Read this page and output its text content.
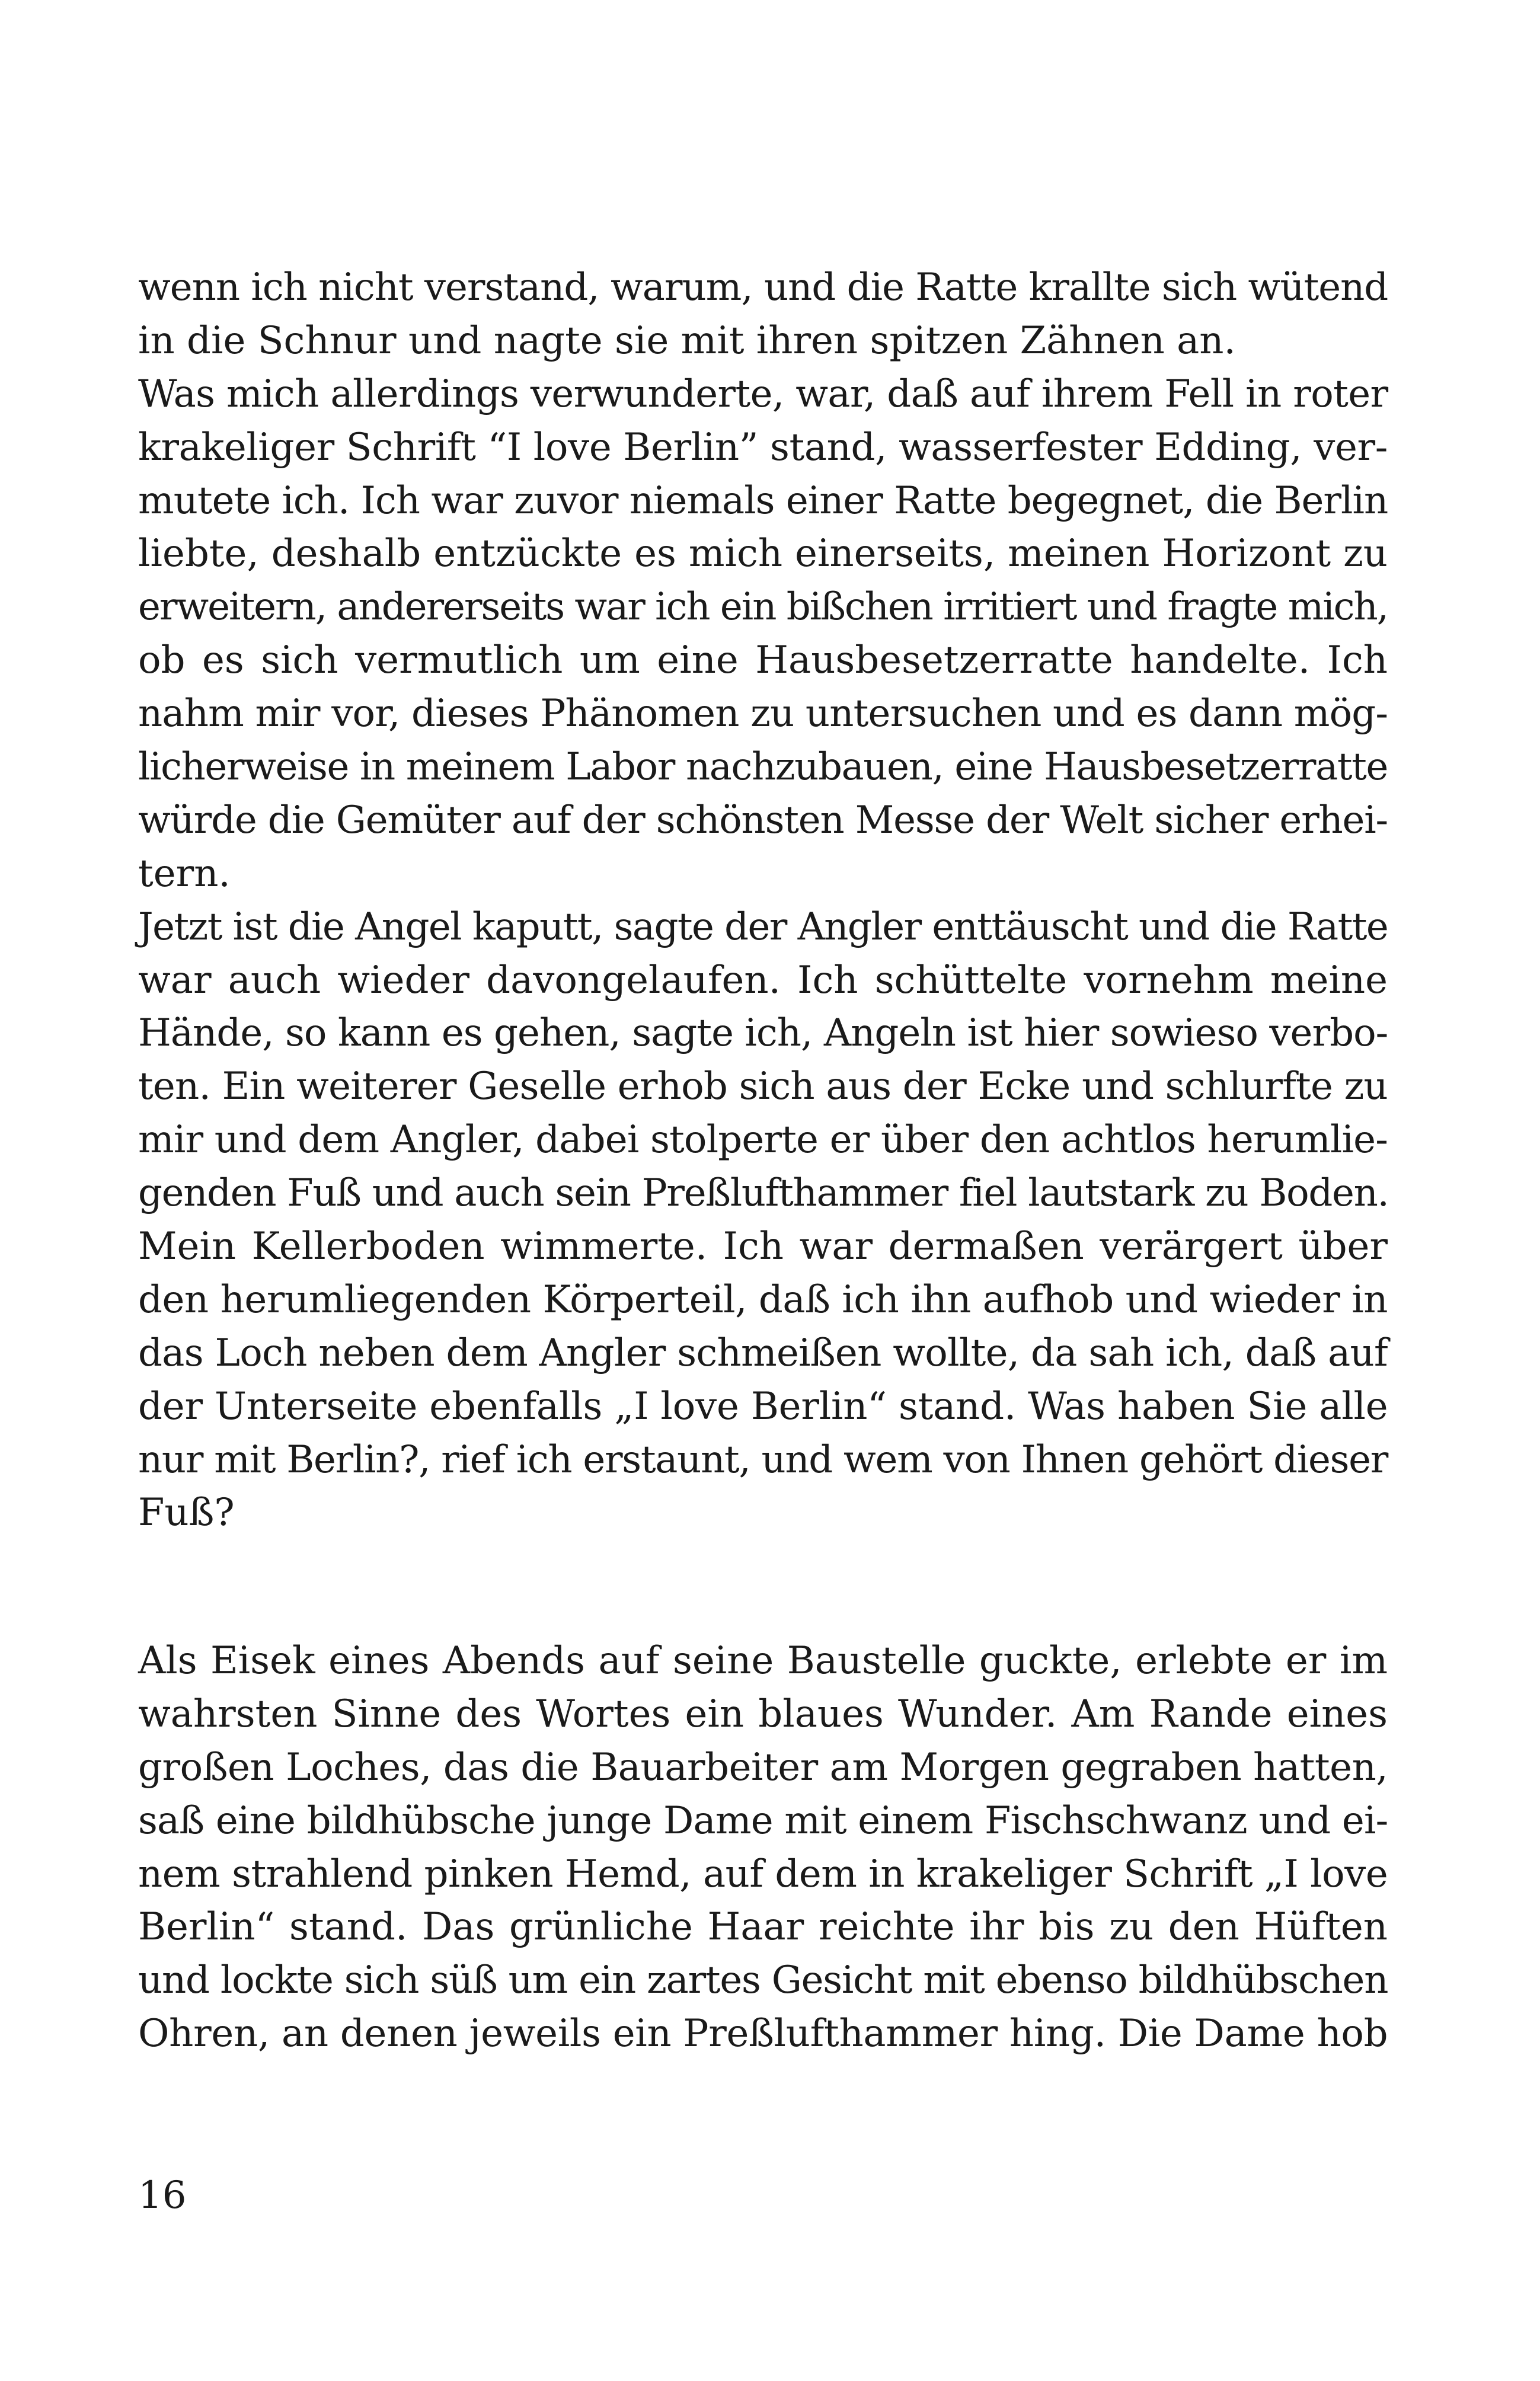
wenn ich nicht verstand, warum, und die Ratte krallte sich wütend
in die Schnur und nagte sie mit ihren spitzen Zähnen an.
Was mich allerdings verwunderte, war, daß auf ihrem Fell in roter
krakeliger Schrift “I love Berlin” stand, wasserfester Edding, ver-
mutete ich. Ich war zuvor niemals einer Ratte begegnet, die Berlin
liebte, deshalb entzückte es mich einerseits, meinen Horizont zu
erweitern, andererseits war ich ein bißchen irritiert und fragte mich,
ob es sich vermutlich um eine Hausbesetzerratte handelte. Ich
nahm mir vor, dieses Phänomen zu untersuchen und es dann mög-
licherweise in meinem Labor nachzubauen, eine Hausbesetzerratte
würde die Gemüter auf der schönsten Messe der Welt sicher erhei-
tern.
Jetzt ist die Angel kaputt, sagte der Angler enttäuscht und die Ratte
war auch wieder davongelaufen. Ich schüttelte vornehm meine
Hände, so kann es gehen, sagte ich, Angeln ist hier sowieso verbo-
ten. Ein weiterer Geselle erhob sich aus der Ecke und schlurfte zu
mir und dem Angler, dabei stolperte er über den achtlos herumlie-
genden Fuß und auch sein Preßlufthammer fiel lautstark zu Boden.
Mein Kellerboden wimmerte. Ich war dermaßen verärgert über
den herumliegenden Körperteil, daß ich ihn aufhob und wieder in
das Loch neben dem Angler schmeißen wollte, da sah ich, daß auf
der Unterseite ebenfalls „I love Berlin“ stand. Was haben Sie alle
nur mit Berlin?, rief ich erstaunt, und wem von Ihnen gehört dieser
Fuß?
Als Eisek eines Abends auf seine Baustelle guckte, erlebte er im
wahrsten Sinne des Wortes ein blaues Wunder. Am Rande eines
großen Loches, das die Bauarbeiter am Morgen gegraben hatten,
saß eine bildhübsche junge Dame mit einem Fischschwanz und ei-
nem strahlend pinken Hemd, auf dem in krakeliger Schrift „I love
Berlin“ stand. Das grünliche Haar reichte ihr bis zu den Hüften
und lockte sich süß um ein zartes Gesicht mit ebenso bildhübschen
Ohren, an denen jeweils ein Preßlufthammer hing. Die Dame hob
16
